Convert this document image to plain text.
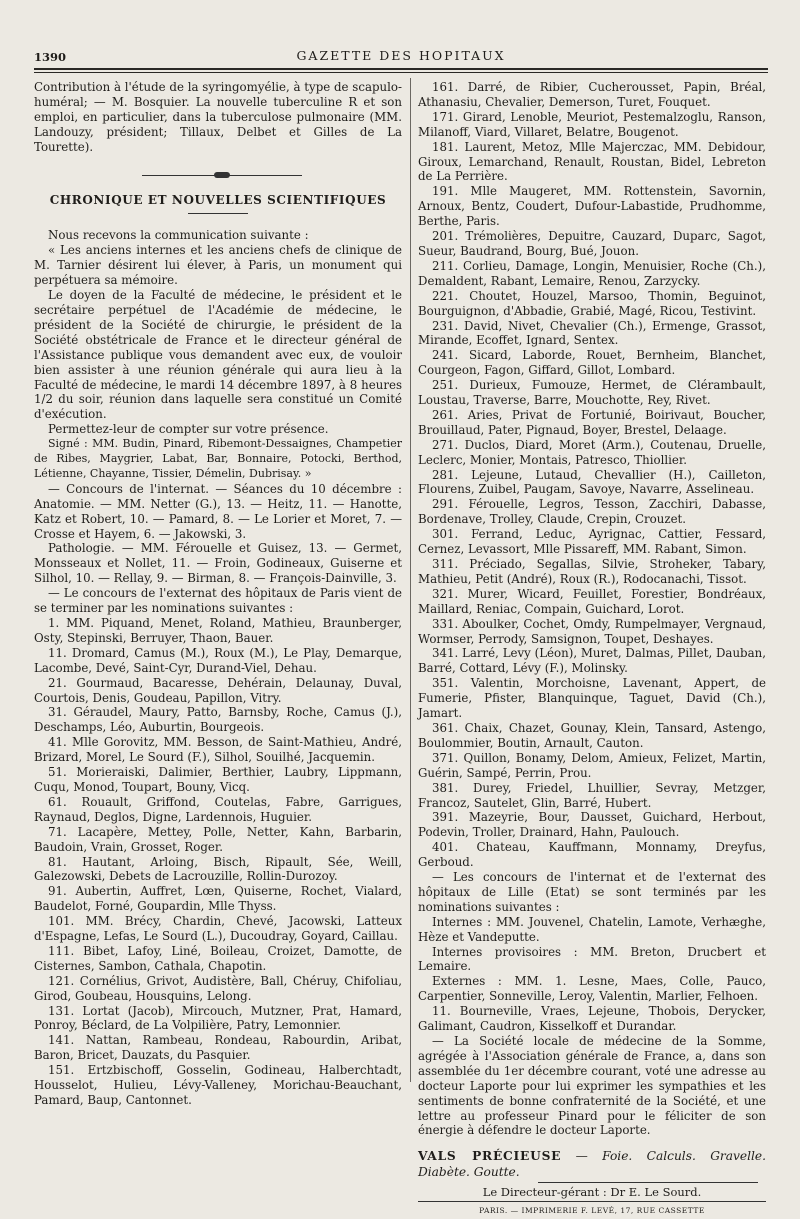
1390	GAZETTE DES HOPITAUX

Contribution à l'étude de la syringomyélie, à type de scapulo-huméral; — M. Bosquier. La nouvelle tuberculine R et son emploi, en particulier, dans la tuberculose pulmonaire (MM. Landouzy, président; Tillaux, Delbet et Gilles de La Tourette).

CHRONIQUE ET NOUVELLES SCIENTIFIQUES

Nous recevons la communication suivante :

« Les anciens internes et les anciens chefs de clinique de M. Tarnier désirent lui élever, à Paris, un monument qui perpétuera sa mémoire.

Le doyen de la Faculté de médecine, le président et le secrétaire perpétuel de l'Académie de médecine, le président de la Société de chirurgie, le président de la Société obstétricale de France et le directeur général de l'Assistance publique vous demandent avec eux, de vouloir bien assister à une réunion générale qui aura lieu à la Faculté de médecine, le mardi 14 décembre 1897, à 8 heures 1/2 du soir, réunion dans laquelle sera constitué un Comité d'exécution.

Permettez-leur de compter sur votre présence.

Signé : MM. Budin, Pinard, Ribemont-Dessaignes, Champetier de Ribes, Maygrier, Labat, Bar, Bonnaire, Potocki, Berthod, Létienne, Chayanne, Tissier, Démelin, Dubrisay. »

— Concours de l'internat. — Séances du 10 décembre : Anatomie. — MM. Netter (G.), 13. — Heitz, 11. — Hanotte, Katz et Robert, 10. — Pamard, 8. — Le Lorier et Moret, 7. — Crosse et Hayem, 6. — Jakowski, 3.

Pathologie. — MM. Férouelle et Guisez, 13. — Germet, Monsseaux et Nollet, 11. — Froin, Godineaux, Guiserne et Silhol, 10. — Rellay, 9. — Birman, 8. — François-Dainville, 3.

— Le concours de l'externat des hôpitaux de Paris vient de se terminer par les nominations suivantes :

1. MM. Piquand, Menet, Roland, Mathieu, Braunberger, Osty, Stepinski, Berruyer, Thaon, Bauer.

11. Dromard, Camus (M.), Roux (M.), Le Play, Demarque, Lacombe, Devé, Saint-Cyr, Durand-Viel, Dehau.

21. Gourmaud, Bacaresse, Dehérain, Delaunay, Duval, Courtois, Denis, Goudeau, Papillon, Vitry.

31. Géraudel, Maury, Patto, Barnsby, Roche, Camus (J.), Deschamps, Léo, Auburtin, Bourgeois.

41. Mlle Gorovitz, MM. Besson, de Saint-Mathieu, André, Brizard, Morel, Le Sourd (F.), Silhol, Souilhé, Jacquemin.

51. Morieraiski, Dalimier, Berthier, Laubry, Lippmann, Cuqu, Monod, Toupart, Bouny, Vicq.

61. Rouault, Griffond, Coutelas, Fabre, Garrigues, Raynaud, Deglos, Digne, Lardennois, Huguier.

71. Lacapère, Mettey, Polle, Netter, Kahn, Barbarin, Baudoin, Vrain, Grosset, Roger.

81. Hautant, Arloing, Bisch, Ripault, Sée, Weill, Galezowski, Debets de Lacrouzille, Rollin-Durozoy.

91. Aubertin, Auffret, Lœn, Quiserne, Rochet, Vialard, Baudelot, Forné, Goupardin, Mlle Thyss.

101. MM. Brécy, Chardin, Chevé, Jacowski, Latteux d'Espagne, Lefas, Le Sourd (L.), Ducoudray, Goyard, Caillau.

111. Bibet, Lafoy, Liné, Boileau, Croizet, Damotte, de Cisternes, Sambon, Cathala, Chapotin.

121. Cornélius, Grivot, Audistère, Ball, Chéruy, Chifoliau, Girod, Goubeau, Housquins, Lelong.

131. Lortat (Jacob), Mircouch, Mutzner, Prat, Hamard, Ponroy, Béclard, de La Volpilière, Patry, Lemonnier.

141. Nattan, Rambeau, Rondeau, Rabourdin, Aribat, Baron, Bricet, Dauzats, du Pasquier.

151. Ertzbischoff, Gosselin, Godineau, Halberchtadt, Housselot, Hulieu, Lévy-Valleney, Morichau-Beauchant, Pamard, Baup, Cantonnet.

161. Darré, de Ribier, Cucherousset, Papin, Bréal, Athanasiu, Chevalier, Demerson, Turet, Fouquet.

171. Girard, Lenoble, Meuriot, Pestemalzoglu, Ranson, Milanoff, Viard, Villaret, Belatre, Bougenot.

181. Laurent, Metoz, Mlle Majerczac, MM. Debidour, Giroux, Lemarchand, Renault, Roustan, Bidel, Lebreton de La Perrière.

191. Mlle Maugeret, MM. Rottenstein, Savornin, Arnoux, Bentz, Coudert, Dufour-Labastide, Prudhomme, Berthe, Paris.

201. Trémolières, Depuitre, Cauzard, Duparc, Sagot, Sueur, Baudrand, Bourg, Bué, Jouon.

211. Corlieu, Damage, Longin, Menuisier, Roche (Ch.), Demaldent, Rabant, Lemaire, Renou, Zarzycky.

221. Choutet, Houzel, Marsoo, Thomin, Beguinot, Bourguignon, d'Abbadie, Grabié, Magé, Ricou, Testivint.

231. David, Nivet, Chevalier (Ch.), Ermenge, Grassot, Mirande, Ecoffet, Ignard, Sentex.

241. Sicard, Laborde, Rouet, Bernheim, Blanchet, Courgeon, Fagon, Giffard, Gillot, Lombard.

251. Durieux, Fumouze, Hermet, de Clérambault, Loustau, Traverse, Barre, Mouchotte, Rey, Rivet.

261. Aries, Privat de Fortunié, Boirivaut, Boucher, Brouillaud, Pater, Pignaud, Boyer, Brestel, Delaage.

271. Duclos, Diard, Moret (Arm.), Coutenau, Druelle, Leclerc, Monier, Montais, Patresco, Thiollier.

281. Lejeune, Lutaud, Chevallier (H.), Cailleton, Flourens, Zuibel, Paugam, Savoye, Navarre, Asselineau.

291. Férouelle, Legros, Tesson, Zacchiri, Dabasse, Bordenave, Trolley, Claude, Crepin, Crouzet.

301. Ferrand, Leduc, Ayrignac, Cattier, Fessard, Cernez, Levassort, Mlle Pissareff, MM. Rabant, Simon.

311. Préciado, Segallas, Silvie, Stroheker, Tabary, Mathieu, Petit (André), Roux (R.), Rodocanachi, Tissot.

321. Murer, Wicard, Feuillet, Forestier, Bondréaux, Maillard, Reniac, Compain, Guichard, Lorot.

331. Aboulker, Cochet, Omdy, Rumpelmayer, Vergnaud, Wormser, Perrody, Samsignon, Toupet, Deshayes.

341. Larré, Levy (Léon), Muret, Dalmas, Pillet, Dauban, Barré, Cottard, Lévy (F.), Molinsky.

351. Valentin, Morchoisne, Lavenant, Appert, de Fumerie, Pfister, Blanquinque, Taguet, David (Ch.), Jamart.

361. Chaix, Chazet, Gounay, Klein, Tansard, Astengo, Boulommier, Boutin, Arnault, Cauton.

371. Quillon, Bonamy, Delom, Amieux, Felizet, Martin, Guérin, Sampé, Perrin, Prou.

381. Durey, Friedel, Lhuillier, Sevray, Metzger, Francoz, Sautelet, Glin, Barré, Hubert.

391. Mazeyrie, Bour, Dausset, Guichard, Herbout, Podevin, Troller, Drainard, Hahn, Paulouch.

401. Chateau, Kauffmann, Monnamy, Dreyfus, Gerboud.

— Les concours de l'internat et de l'externat des hôpitaux de Lille (Etat) se sont terminés par les nominations suivantes :

Internes : MM. Jouvenel, Chatelin, Lamote, Verhæghe, Hèze et Vandeputte.

Internes provisoires : MM. Breton, Drucbert et Lemaire.

Externes : MM. 1. Lesne, Maes, Colle, Pauco, Carpentier, Sonneville, Leroy, Valentin, Marlier, Felhoen.

11. Bourneville, Vraes, Lejeune, Thobois, Derycker, Galimant, Caudron, Kisselkoff et Durandar.

— La Société locale de médecine de la Somme, agrégée à l'Association générale de France, a, dans son assemblée du 1er décembre courant, voté une adresse au docteur Laporte pour lui exprimer les sympathies et les sentiments de bonne confraternité de la Société, et une lettre au professeur Pinard pour le féliciter de son énergie à défendre le docteur Laporte.

VALS PRÉCIEUSE — Foie. Calculs. Gravelle. Diabète. Goutte.
Le Directeur-gérant : Dr E. Le Sourd.
PARIS. — IMPRIMERIE F. LEVÉ, 17, RUE CASSETTE
